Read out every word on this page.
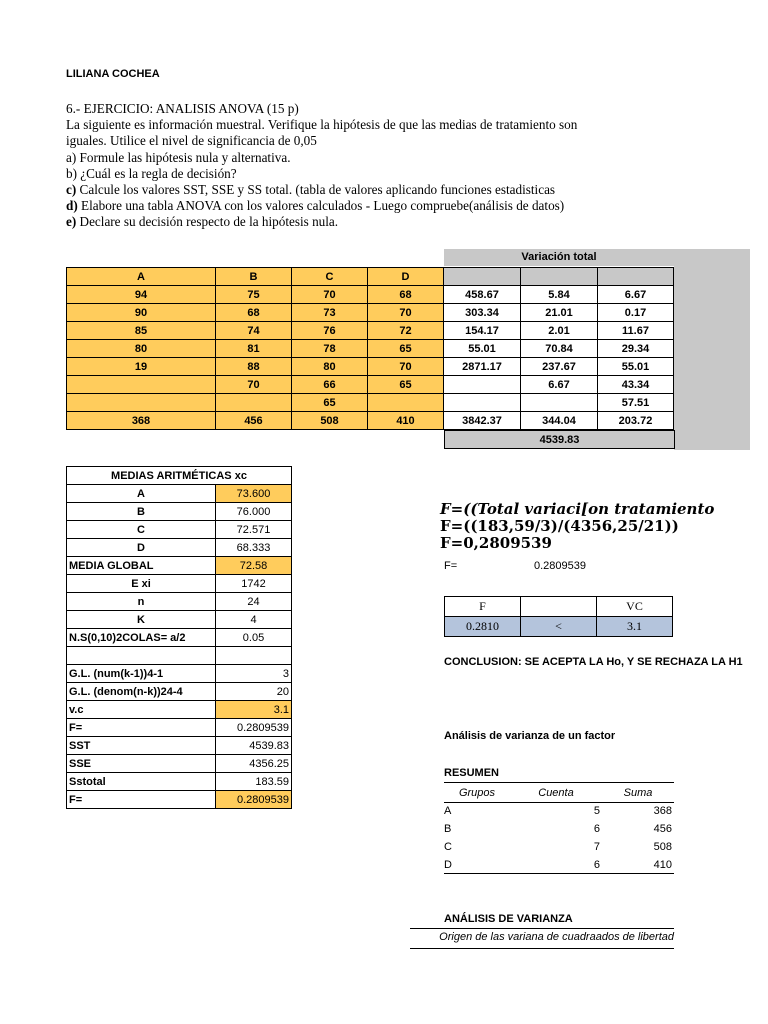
LILIANA COCHEA
6.- EJERCICIO: ANALISIS ANOVA (15 p)
La siguiente es información muestral. Verifique la hipótesis de que las medias de tratamiento son
iguales. Utilice el nivel de significancia de 0,05
a) Formule las hipótesis nula y alternativa.
b) ¿Cuál es la regla de decisión?
c) Calcule los valores SST, SSE y SS total. (tabla de valores aplicando funciones estadisticas
d) Elabore una tabla ANOVA con los valores calculados - Luego compruebe(análisis de datos)
e) Declare su decisión respecto de la hipótesis nula.
Variación total
A	B	C	D			
94	75	70	68	458.67	5.84	6.67
90	68	73	70	303.34	21.01	0.17
85	74	76	72	154.17	2.01	11.67
80	81	78	65	55.01	70.84	29.34
19	88	80	70	2871.17	237.67	55.01
	70	66	65		6.67	43.34
		65				57.51
368	456	508	410	3842.37	344.04	203.72
4539.83
MEDIAS ARITMÉTICAS xc	
A	73.600
B	76.000
C	72.571
D	68.333
MEDIA GLOBAL	72.58
E xi	1742
n	24
K	4
N.S(0,10)2COLAS= a/2	0.05

G.L. (num(k-1))4-1	3
G.L. (denom(n-k))24-4	20
v.c	3.1
F=	0.2809539
SST	4539.83
SSE	4356.25
Sstotal	183.59
F=	0.2809539
F=((Total variaci[on tratamiento
F=((183,59/3)/(4356,25/21))
F=0,2809539
F=	0.2809539
F		VC
0.2810	<	3.1
CONCLUSION: SE ACEPTA LA Ho, Y SE RECHAZA LA H1
Análisis de varianza de un factor
RESUMEN
Grupos	Cuenta	Suma
A	5	368
B	6	456
C	7	508
D	6	410
ANÁLISIS DE VARIANZA
Origen de las variana de cuadraados de libertad
